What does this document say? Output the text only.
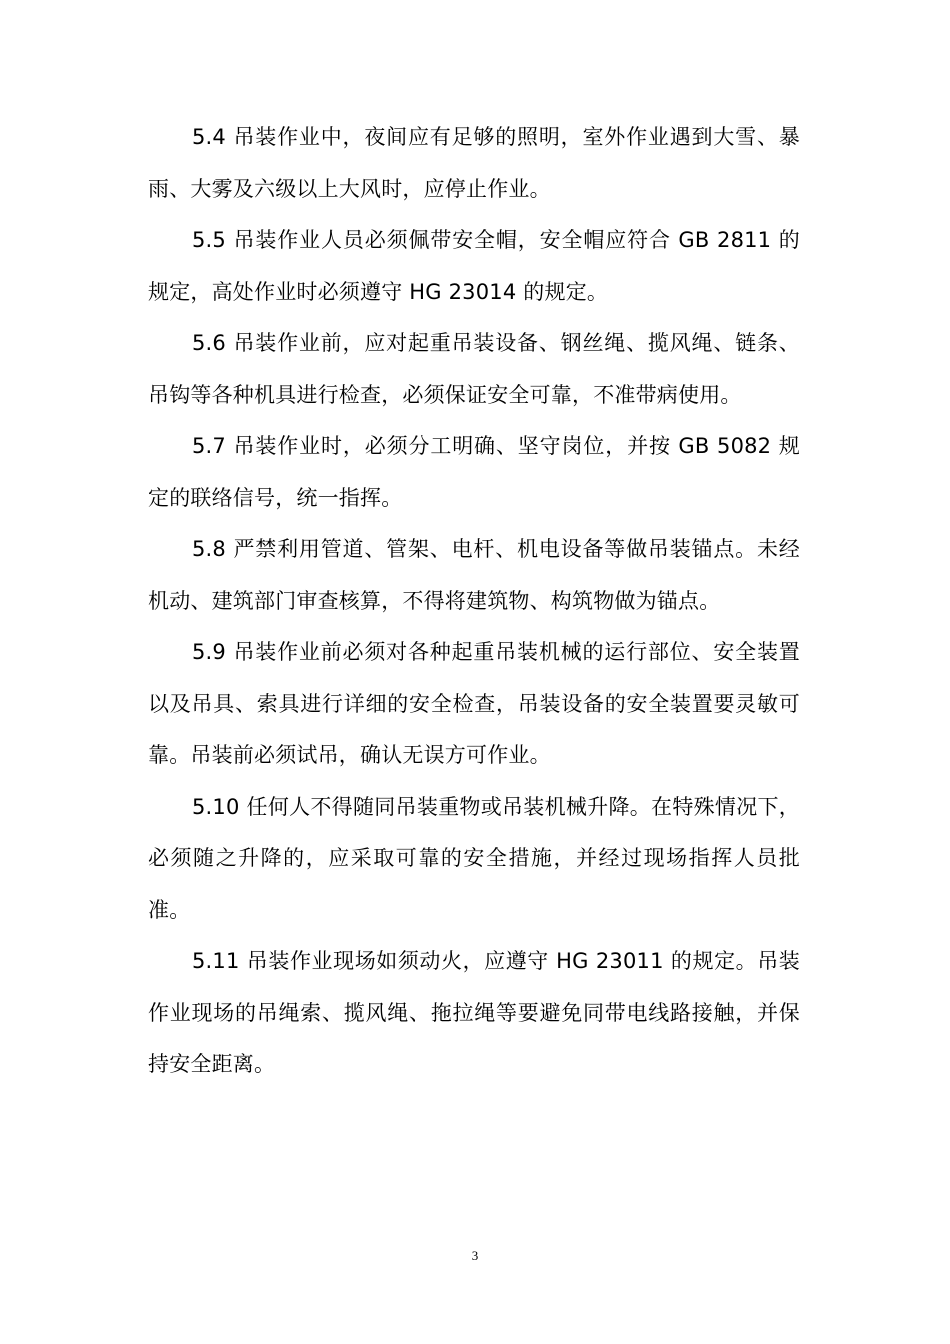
5.4 吊装作业中，夜间应有足够的照明，室外作业遇到大雪、暴雨、大雾及六级以上大风时，应停止作业。

5.5 吊装作业人员必须佩带安全帽，安全帽应符合 GB 2811 的规定，高处作业时必须遵守 HG 23014 的规定。

5.6 吊装作业前，应对起重吊装设备、钢丝绳、揽风绳、链条、吊钩等各种机具进行检查，必须保证安全可靠，不准带病使用。

5.7 吊装作业时，必须分工明确、坚守岗位，并按 GB 5082 规定的联络信号，统一指挥。

5.8 严禁利用管道、管架、电杆、机电设备等做吊装锚点。未经机动、建筑部门审查核算，不得将建筑物、构筑物做为锚点。

5.9 吊装作业前必须对各种起重吊装机械的运行部位、安全装置以及吊具、索具进行详细的安全检查，吊装设备的安全装置要灵敏可靠。吊装前必须试吊，确认无误方可作业。

5.10 任何人不得随同吊装重物或吊装机械升降。在特殊情况下，必须随之升降的，应采取可靠的安全措施，并经过现场指挥人员批准。

5.11 吊装作业现场如须动火，应遵守 HG 23011 的规定。吊装作业现场的吊绳索、揽风绳、拖拉绳等要避免同带电线路接触，并保持安全距离。

3
